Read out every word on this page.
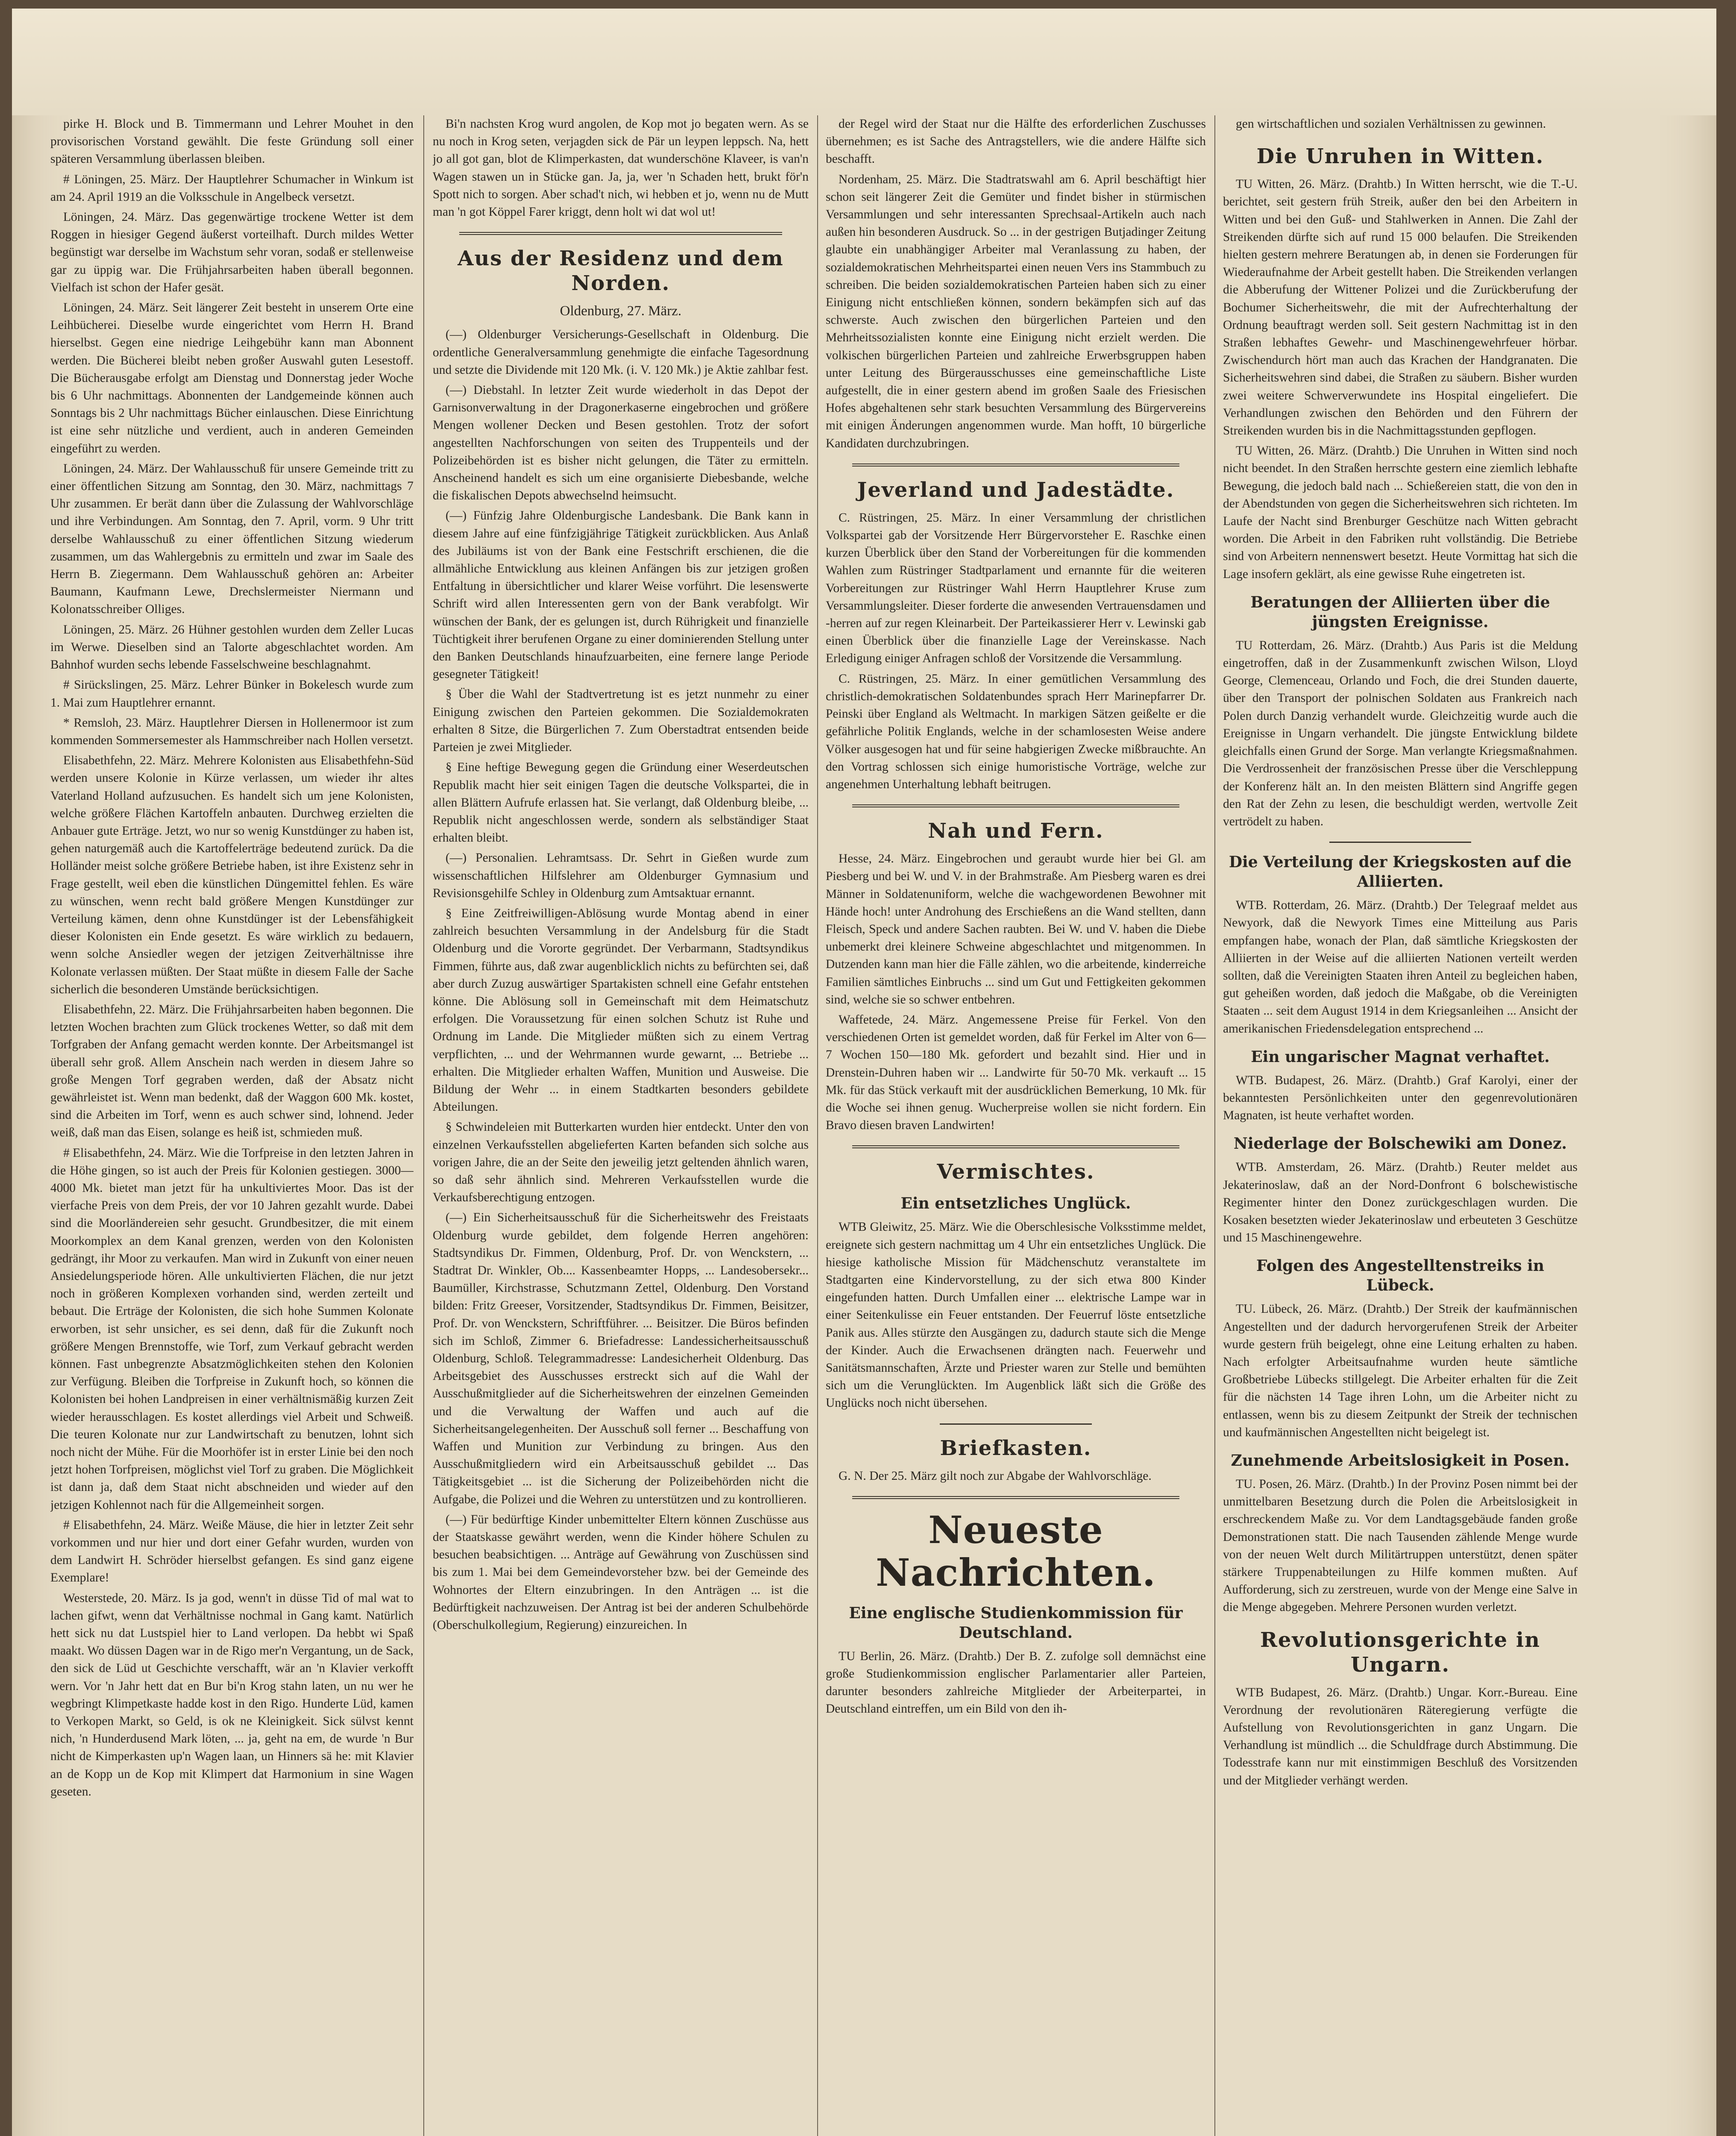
pirke H. Block und B. Timmermann und Lehrer Mouhet in den provisorischen Vorstand gewählt. Die feste Gründung soll einer späteren Versammlung überlassen bleiben.

# Löningen, 25. März. Der Hauptlehrer Schumacher in Winkum ist am 24. April 1919 an die Volksschule in Angelbeck versetzt.

Löningen, 24. März. Das gegenwärtige trockene Wetter ist dem Roggen in hiesiger Gegend äußerst vorteilhaft. Durch mildes Wetter begünstigt war derselbe im Wachstum sehr voran, sodaß er stellenweise gar zu üppig war. Die Frühjahrsarbeiten haben überall begonnen. Vielfach ist schon der Hafer gesät.

Löningen, 24. März. Seit längerer Zeit besteht in unserem Orte eine Leihbücherei. Dieselbe wurde eingerichtet vom Herrn H. Brand hierselbst. Gegen eine niedrige Leihgebühr kann man Abonnent werden. Die Bücherei bleibt neben großer Auswahl guten Lesestoff. Die Bücherausgabe erfolgt am Dienstag und Donnerstag jeder Woche bis 6 Uhr nachmittags. Abonnenten der Landgemeinde können auch Sonntags bis 2 Uhr nachmittags Bücher einlauschen. Diese Einrichtung ist eine sehr nützliche und verdient, auch in anderen Gemeinden eingeführt zu werden.

Löningen, 24. März. Der Wahlausschuß für unsere Gemeinde tritt zu einer öffentlichen Sitzung am Sonntag, den 30. März, nachmittags 7 Uhr zusammen. Er berät dann über die Zulassung der Wahlvorschläge und ihre Verbindungen. Am Sonntag, den 7. April, vorm. 9 Uhr tritt derselbe Wahlausschuß zu einer öffentlichen Sitzung wiederum zusammen, um das Wahlergebnis zu ermitteln und zwar im Saale des Herrn B. Ziegermann. Dem Wahlausschuß gehören an: Arbeiter Baumann, Kaufmann Lewe, Drechslermeister Niermann und Kolonatsschreiber Olliges.

Löningen, 25. März. 26 Hühner gestohlen wurden dem Zeller Lucas im Werwe. Dieselben sind an Talorte abgeschlachtet worden. Am Bahnhof wurden sechs lebende Fasselschweine beschlagnahmt.

# Sirückslingen, 25. März. Lehrer Bünker in Bokelesch wurde zum 1. Mai zum Hauptlehrer ernannt.

* Remsloh, 23. März. Hauptlehrer Diersen in Hollenermoor ist zum kommenden Sommersemester als Hammschreiber nach Hollen versetzt.

Elisabethfehn, 22. März. Mehrere Kolonisten aus Elisabethfehn-Süd werden unsere Kolonie in Kürze verlassen, um wieder ihr altes Vaterland Holland aufzusuchen. Es handelt sich um jene Kolonisten, welche größere Flächen Kartoffeln anbauten. Durchweg erzielten die Anbauer gute Erträge. Jetzt, wo nur so wenig Kunstdünger zu haben ist, gehen naturgemäß auch die Kartoffelerträge bedeutend zurück. Da die Holländer meist solche größere Betriebe haben, ist ihre Existenz sehr in Frage gestellt, weil eben die künstlichen Düngemittel fehlen. Es wäre zu wünschen, wenn recht bald größere Mengen Kunstdünger zur Verteilung kämen, denn ohne Kunstdünger ist der Lebensfähigkeit dieser Kolonisten ein Ende gesetzt. Es wäre wirklich zu bedauern, wenn solche Ansiedler wegen der jetzigen Zeitverhältnisse ihre Kolonate verlassen müßten. Der Staat müßte in diesem Falle der Sache sicherlich die besonderen Umstände berücksichtigen.

Elisabethfehn, 22. März. Die Frühjahrsarbeiten haben begonnen. Die letzten Wochen brachten zum Glück trockenes Wetter, so daß mit dem Torfgraben der Anfang gemacht werden konnte. Der Arbeitsmangel ist überall sehr groß. Allem Anschein nach werden in diesem Jahre so große Mengen Torf gegraben werden, daß der Absatz nicht gewährleistet ist. Wenn man bedenkt, daß der Waggon 600 Mk. kostet, sind die Arbeiten im Torf, wenn es auch schwer sind, lohnend. Jeder weiß, daß man das Eisen, solange es heiß ist, schmieden muß.

# Elisabethfehn, 24. März. Wie die Torfpreise in den letzten Jahren in die Höhe gingen, so ist auch der Preis für Kolonien gestiegen. 3000—4000 Mk. bietet man jetzt für ha unkultiviertes Moor. Das ist der vierfache Preis von dem Preis, der vor 10 Jahren gezahlt wurde. Dabei sind die Moorländereien sehr gesucht. Grundbesitzer, die mit einem Moorkomplex an dem Kanal grenzen, werden von den Kolonisten gedrängt, ihr Moor zu verkaufen. Man wird in Zukunft von einer neuen Ansiedelungsperiode hören. Alle unkultivierten Flächen, die nur jetzt noch in größeren Komplexen vorhanden sind, werden zerteilt und bebaut. Die Erträge der Kolonisten, die sich hohe Summen Kolonate erworben, ist sehr unsicher, es sei denn, daß für die Zukunft noch größere Mengen Brennstoffe, wie Torf, zum Verkauf gebracht werden können. Fast unbegrenzte Absatzmöglichkeiten stehen den Kolonien zur Verfügung. Bleiben die Torfpreise in Zukunft hoch, so können die Kolonisten bei hohen Landpreisen in einer verhältnismäßig kurzen Zeit wieder herausschlagen. Es kostet allerdings viel Arbeit und Schweiß. Die teuren Kolonate nur zur Landwirtschaft zu benutzen, lohnt sich noch nicht der Mühe. Für die Moorhöfer ist in erster Linie bei den noch jetzt hohen Torfpreisen, möglichst viel Torf zu graben. Die Möglichkeit ist dann ja, daß dem Staat nicht abschneiden und wieder auf den jetzigen Kohlennot nach für die Allgemeinheit sorgen.

# Elisabethfehn, 24. März. Weiße Mäuse, die hier in letzter Zeit sehr vorkommen und nur hier und dort einer Gefahr wurden, wurden von dem Landwirt H. Schröder hierselbst gefangen. Es sind ganz eigene Exemplare!

Westerstede, 20. März. Is ja god, wenn't in düsse Tid of mal wat to lachen gifwt, wenn dat Verhältnisse nochmal in Gang kamt. Natürlich hett sick nu dat Lustspiel hier to Land verlopen. Da hebbt wi Spaß maakt. Wo düssen Dagen war in de Rigo mer'n Vergantung, un de Sack, den sick de Lüd ut Geschichte verschafft, wär an 'n Klavier verkofft wern. Vor 'n Jahr hett dat en Bur bi'n Krog stahn laten, un nu wer he wegbringt Klimpetkaste hadde kost in den Rigo. Hunderte Lüd, kamen to Verkopen Markt, so Geld, is ok ne Kleinigkeit. Sick sülvst kennt nich, 'n Hunderdusend Mark löten, ... ja, geht na em, de wurde 'n Bur nicht de Kimperkasten up'n Wagen laan, un Hinners sä he: mit Klavier an de Kopp un de Kop mit Klimpert dat Harmonium in sine Wagen geseten.

Bi'n nachsten Krog wurd angolen, de Kop mot jo begaten wern. As se nu noch in Krog seten, verjagden sick de Pär un leypen leppsch. Na, hett jo all got gan, blot de Klimperkasten, dat wunderschöne Klaveer, is van'n Wagen stawen un in Stücke gan. Ja, ja, wer 'n Schaden hett, brukt för'n Spott nich to sorgen. Aber schad't nich, wi hebben et jo, wenn nu de Mutt man 'n got Köppel Farer kriggt, denn holt wi dat wol ut!

Aus der Residenz und dem Norden.

Oldenburg, 27. März.

(—) Oldenburger Versicherungs-Gesellschaft in Oldenburg. Die ordentliche Generalversammlung genehmigte die einfache Tagesordnung und setzte die Dividende mit 120 Mk. (i. V. 120 Mk.) je Aktie zahlbar fest.

(—) Diebstahl. In letzter Zeit wurde wiederholt in das Depot der Garnisonverwaltung in der Dragonerkaserne eingebrochen und größere Mengen wollener Decken und Besen gestohlen. Trotz der sofort angestellten Nachforschungen von seiten des Truppenteils und der Polizeibehörden ist es bisher nicht gelungen, die Täter zu ermitteln. Anscheinend handelt es sich um eine organisierte Diebesbande, welche die fiskalischen Depots abwechselnd heimsucht.

(—) Fünfzig Jahre Oldenburgische Landesbank. Die Bank kann in diesem Jahre auf eine fünfzigjährige Tätigkeit zurückblicken. Aus Anlaß des Jubiläums ist von der Bank eine Festschrift erschienen, die die allmähliche Entwicklung aus kleinen Anfängen bis zur jetzigen großen Entfaltung in übersichtlicher und klarer Weise vorführt. Die lesenswerte Schrift wird allen Interessenten gern von der Bank verabfolgt. Wir wünschen der Bank, der es gelungen ist, durch Rührigkeit und finanzielle Tüchtigkeit ihrer berufenen Organe zu einer dominierenden Stellung unter den Banken Deutschlands hinaufzuarbeiten, eine fernere lange Periode gesegneter Tätigkeit!

§ Über die Wahl der Stadtvertretung ist es jetzt nunmehr zu einer Einigung zwischen den Parteien gekommen. Die Sozialdemokraten erhalten 8 Sitze, die Bürgerlichen 7. Zum Oberstadtrat entsenden beide Parteien je zwei Mitglieder.

§ Eine heftige Bewegung gegen die Gründung einer Weserdeutschen Republik macht hier seit einigen Tagen die deutsche Volkspartei, die in allen Blättern Aufrufe erlassen hat. Sie verlangt, daß Oldenburg bleibe, ... Republik nicht angeschlossen werde, sondern als selbständiger Staat erhalten bleibt.

(—) Personalien. Lehramtsass. Dr. Sehrt in Gießen wurde zum wissenschaftlichen Hilfslehrer am Oldenburger Gymnasium und Revisionsgehilfe Schley in Oldenburg zum Amtsaktuar ernannt.

§ Eine Zeitfreiwilligen-Ablösung wurde Montag abend in einer zahlreich besuchten Versammlung in der Andelsburg für die Stadt Oldenburg und die Vororte gegründet. Der Verbarmann, Stadtsyndikus Fimmen, führte aus, daß zwar augenblicklich nichts zu befürchten sei, daß aber durch Zuzug auswärtiger Spartakisten schnell eine Gefahr entstehen könne. Die Ablösung soll in Gemeinschaft mit dem Heimatschutz erfolgen. Die Voraussetzung für einen solchen Schutz ist Ruhe und Ordnung im Lande. Die Mitglieder müßten sich zu einem Vertrag verpflichten, ... und der Wehrmannen wurde gewarnt, ... Betriebe ... erhalten. Die Mitglieder erhalten Waffen, Munition und Ausweise. Die Bildung der Wehr ... in einem Stadtkarten besonders gebildete Abteilungen.

§ Schwindeleien mit Butterkarten wurden hier entdeckt. Unter den von einzelnen Verkaufsstellen abgelieferten Karten befanden sich solche aus vorigen Jahre, die an der Seite den jeweilig jetzt geltenden ähnlich waren, so daß sehr ähnlich sind. Mehreren Verkaufsstellen wurde die Verkaufsberechtigung entzogen.

(—) Ein Sicherheitsausschuß für die Sicherheitswehr des Freistaats Oldenburg wurde gebildet, dem folgende Herren angehören: Stadtsyndikus Dr. Fimmen, Oldenburg, Prof. Dr. von Wenckstern, ... Stadtrat Dr. Winkler, Ob.... Kassenbeamter Hopps, ... Landesobersekr... Baumüller, Kirchstrasse, Schutzmann Zettel, Oldenburg. Den Vorstand bilden: Fritz Greeser, Vorsitzender, Stadtsyndikus Dr. Fimmen, Beisitzer, Prof. Dr. von Wenckstern, Schriftführer. ... Beisitzer. Die Büros befinden sich im Schloß, Zimmer 6. Briefadresse: Landessicherheitsausschuß Oldenburg, Schloß. Telegrammadresse: Landesicherheit Oldenburg. Das Arbeitsgebiet des Ausschusses erstreckt sich auf die Wahl der Ausschußmitglieder auf die Sicherheitswehren der einzelnen Gemeinden und die Verwaltung der Waffen und auch auf die Sicherheitsangelegenheiten. Der Ausschuß soll ferner ... Beschaffung von Waffen und Munition zur Verbindung zu bringen. Aus den Ausschußmitgliedern wird ein Arbeitsausschuß gebildet ... Das Tätigkeitsgebiet ... ist die Sicherung der Polizeibehörden nicht die Aufgabe, die Polizei und die Wehren zu unterstützen und zu kontrollieren.

(—) Für bedürftige Kinder unbemittelter Eltern können Zuschüsse aus der Staatskasse gewährt werden, wenn die Kinder höhere Schulen zu besuchen beabsichtigen. ... Anträge auf Gewährung von Zuschüssen sind bis zum 1. Mai bei dem Gemeindevorsteher bzw. bei der Gemeinde des Wohnortes der Eltern einzubringen. In den Anträgen ... ist die Bedürftigkeit nachzuweisen. Der Antrag ist bei der anderen Schulbehörde (Oberschulkollegium, Regierung) einzureichen. In

der Regel wird der Staat nur die Hälfte des erforderlichen Zuschusses übernehmen; es ist Sache des Antragstellers, wie die andere Hälfte sich beschafft.

Nordenham, 25. März. Die Stadtratswahl am 6. April beschäftigt hier schon seit längerer Zeit die Gemüter und findet bisher in stürmischen Versammlungen und sehr interessanten Sprechsaal-Artikeln auch nach außen hin besonderen Ausdruck. So ... in der gestrigen Butjadinger Zeitung glaubte ein unabhängiger Arbeiter mal Veranlassung zu haben, der sozialdemokratischen Mehrheitspartei einen neuen Vers ins Stammbuch zu schreiben. Die beiden sozialdemokratischen Parteien haben sich zu einer Einigung nicht entschließen können, sondern bekämpfen sich auf das schwerste. Auch zwischen den bürgerlichen Parteien und den Mehrheitssozialisten konnte eine Einigung nicht erzielt werden. Die volkischen bürgerlichen Parteien und zahlreiche Erwerbsgruppen haben unter Leitung des Bürgerausschusses eine gemeinschaftliche Liste aufgestellt, die in einer gestern abend im großen Saale des Friesischen Hofes abgehaltenen sehr stark besuchten Versammlung des Bürgervereins mit einigen Änderungen angenommen wurde. Man hofft, 10 bürgerliche Kandidaten durchzubringen.

Jeverland und Jadestädte.

C. Rüstringen, 25. März. In einer Versammlung der christlichen Volkspartei gab der Vorsitzende Herr Bürgervorsteher E. Raschke einen kurzen Überblick über den Stand der Vorbereitungen für die kommenden Wahlen zum Rüstringer Stadtparlament und ernannte für die weiteren Vorbereitungen zur Rüstringer Wahl Herrn Hauptlehrer Kruse zum Versammlungsleiter. Dieser forderte die anwesenden Vertrauensdamen und -herren auf zur regen Kleinarbeit. Der Parteikassierer Herr v. Lewinski gab einen Überblick über die finanzielle Lage der Vereinskasse. Nach Erledigung einiger Anfragen schloß der Vorsitzende die Versammlung.

C. Rüstringen, 25. März. In einer gemütlichen Versammlung des christlich-demokratischen Soldatenbundes sprach Herr Marinepfarrer Dr. Peinski über England als Weltmacht. In markigen Sätzen geißelte er die gefährliche Politik Englands, welche in der schamlosesten Weise andere Völker ausgesogen hat und für seine habgierigen Zwecke mißbrauchte. An den Vortrag schlossen sich einige humoristische Vorträge, welche zur angenehmen Unterhaltung lebhaft beitrugen.

Nah und Fern.

Hesse, 24. März. Eingebrochen und geraubt wurde hier bei Gl. am Piesberg und bei W. und V. in der Brahmstraße. Am Piesberg waren es drei Männer in Soldatenuniform, welche die wachgewordenen Bewohner mit Hände hoch! unter Androhung des Erschießens an die Wand stellten, dann Fleisch, Speck und andere Sachen raubten. Bei W. und V. haben die Diebe unbemerkt drei kleinere Schweine abgeschlachtet und mitgenommen. In Dutzenden kann man hier die Fälle zählen, wo die arbeitende, kinderreiche Familien sämtliches Einbruchs ... sind um Gut und Fettigkeiten gekommen sind, welche sie so schwer entbehren.

Waffetede, 24. März. Angemessene Preise für Ferkel. Von den verschiedenen Orten ist gemeldet worden, daß für Ferkel im Alter von 6—7 Wochen 150—180 Mk. gefordert und bezahlt sind. Hier und in Drenstein-Duhren haben wir ... Landwirte für 50-70 Mk. verkauft ... 15 Mk. für das Stück verkauft mit der ausdrücklichen Bemerkung, 10 Mk. für die Woche sei ihnen genug. Wucherpreise wollen sie nicht fordern. Ein Bravo diesen braven Landwirten!

Vermischtes.
Ein entsetzliches Unglück.

WTB Gleiwitz, 25. März. Wie die Oberschlesische Volksstimme meldet, ereignete sich gestern nachmittag um 4 Uhr ein entsetzliches Unglück. Die hiesige katholische Mission für Mädchenschutz veranstaltete im Stadtgarten eine Kindervorstellung, zu der sich etwa 800 Kinder eingefunden hatten. Durch Umfallen einer ... elektrische Lampe war in einer Seitenkulisse ein Feuer entstanden. Der Feuerruf löste entsetzliche Panik aus. Alles stürzte den Ausgängen zu, dadurch staute sich die Menge der Kinder. Auch die Erwachsenen drängten nach. Feuerwehr und Sanitätsmannschaften, Ärzte und Priester waren zur Stelle und bemühten sich um die Verunglückten. Im Augenblick läßt sich die Größe des Unglücks noch nicht übersehen.

Briefkasten.

G. N. Der 25. März gilt noch zur Abgabe der Wahlvorschläge.

Neueste Nachrichten.
Eine englische Studienkommission für Deutschland.

TU Berlin, 26. März. (Drahtb.) Der B. Z. zufolge soll demnächst eine große Studienkommission englischer Parlamentarier aller Parteien, darunter besonders zahlreiche Mitglieder der Arbeiterpartei, in Deutschland eintreffen, um ein Bild von den ih-

gen wirtschaftlichen und sozialen Verhältnissen zu gewinnen.

Die Unruhen in Witten.

TU Witten, 26. März. (Drahtb.) In Witten herrscht, wie die T.-U. berichtet, seit gestern früh Streik, außer den bei den Arbeitern in Witten und bei den Guß- und Stahlwerken in Annen. Die Zahl der Streikenden dürfte sich auf rund 15 000 belaufen. Die Streikenden hielten gestern mehrere Beratungen ab, in denen sie Forderungen für Wiederaufnahme der Arbeit gestellt haben. Die Streikenden verlangen die Abberufung der Wittener Polizei und die Zurückberufung der Bochumer Sicherheitswehr, die mit der Aufrechterhaltung der Ordnung beauftragt werden soll. Seit gestern Nachmittag ist in den Straßen lebhaftes Gewehr- und Maschinengewehrfeuer hörbar. Zwischendurch hört man auch das Krachen der Handgranaten. Die Sicherheitswehren sind dabei, die Straßen zu säubern. Bisher wurden zwei weitere Schwerverwundete ins Hospital eingeliefert. Die Verhandlungen zwischen den Behörden und den Führern der Streikenden wurden bis in die Nachmittagsstunden gepflogen.

TU Witten, 26. März. (Drahtb.) Die Unruhen in Witten sind noch nicht beendet. In den Straßen herrschte gestern eine ziemlich lebhafte Bewegung, die jedoch bald nach ... Schießereien statt, die von den in der Abendstunden von gegen die Sicherheitswehren sich richteten. Im Laufe der Nacht sind Brenburger Geschütze nach Witten gebracht worden. Die Arbeit in den Fabriken ruht vollständig. Die Betriebe sind von Arbeitern nennenswert besetzt. Heute Vormittag hat sich die Lage insofern geklärt, als eine gewisse Ruhe eingetreten ist.

Beratungen der Alliierten über die jüngsten Ereignisse.

TU Rotterdam, 26. März. (Drahtb.) Aus Paris ist die Meldung eingetroffen, daß in der Zusammenkunft zwischen Wilson, Lloyd George, Clemenceau, Orlando und Foch, die drei Stunden dauerte, über den Transport der polnischen Soldaten aus Frankreich nach Polen durch Danzig verhandelt wurde. Gleichzeitig wurde auch die Ereignisse in Ungarn verhandelt. Die jüngste Entwicklung bildete gleichfalls einen Grund der Sorge. Man verlangte Kriegsmaßnahmen. Die Verdrossenheit der französischen Presse über die Verschleppung der Konferenz hält an. In den meisten Blättern sind Angriffe gegen den Rat der Zehn zu lesen, die beschuldigt werden, wertvolle Zeit vertrödelt zu haben.

Die Verteilung der Kriegskosten auf die Alliierten.

WTB. Rotterdam, 26. März. (Drahtb.) Der Telegraaf meldet aus Newyork, daß die Newyork Times eine Mitteilung aus Paris empfangen habe, wonach der Plan, daß sämtliche Kriegskosten der Alliierten in der Weise auf die alliierten Nationen verteilt werden sollten, daß die Vereinigten Staaten ihren Anteil zu begleichen haben, gut geheißen worden, daß jedoch die Maßgabe, ob die Vereinigten Staaten ... seit dem August 1914 in dem Kriegsanleihen ... Ansicht der amerikanischen Friedensdelegation entsprechend ...

Ein ungarischer Magnat verhaftet.

WTB. Budapest, 26. März. (Drahtb.) Graf Karolyi, einer der bekanntesten Persönlichkeiten unter den gegenrevolutionären Magnaten, ist heute verhaftet worden.

Niederlage der Bolschewiki am Donez.

WTB. Amsterdam, 26. März. (Drahtb.) Reuter meldet aus Jekaterinoslaw, daß an der Nord-Donfront 6 bolschewistische Regimenter hinter den Donez zurückgeschlagen wurden. Die Kosaken besetzten wieder Jekaterinoslaw und erbeuteten 3 Geschütze und 15 Maschinengewehre.

Folgen des Angestelltenstreiks in Lübeck.

TU. Lübeck, 26. März. (Drahtb.) Der Streik der kaufmännischen Angestellten und der dadurch hervorgerufenen Streik der Arbeiter wurde gestern früh beigelegt, ohne eine Leitung erhalten zu haben. Nach erfolgter Arbeitsaufnahme wurden heute sämtliche Großbetriebe Lübecks stillgelegt. Die Arbeiter erhalten für die Zeit für die nächsten 14 Tage ihren Lohn, um die Arbeiter nicht zu entlassen, wenn bis zu diesem Zeitpunkt der Streik der technischen und kaufmännischen Angestellten nicht beigelegt ist.

Zunehmende Arbeitslosigkeit in Posen.

TU. Posen, 26. März. (Drahtb.) In der Provinz Posen nimmt bei der unmittelbaren Besetzung durch die Polen die Arbeitslosigkeit in erschreckendem Maße zu. Vor dem Landtagsgebäude fanden große Demonstrationen statt. Die nach Tausenden zählende Menge wurde von der neuen Welt durch Militärtruppen unterstützt, denen später stärkere Truppenabteilungen zu Hilfe kommen mußten. Auf Aufforderung, sich zu zerstreuen, wurde von der Menge eine Salve in die Menge abgegeben. Mehrere Personen wurden verletzt.

Revolutionsgerichte in Ungarn.

WTB Budapest, 26. März. (Drahtb.) Ungar. Korr.-Bureau. Eine Verordnung der revolutionären Räteregierung verfügte die Aufstellung von Revolutionsgerichten in ganz Ungarn. Die Verhandlung ist mündlich ... die Schuldfrage durch Abstimmung. Die Todesstrafe kann nur mit einstimmigen Beschluß des Vorsitzenden und der Mitglieder verhängt werden.
